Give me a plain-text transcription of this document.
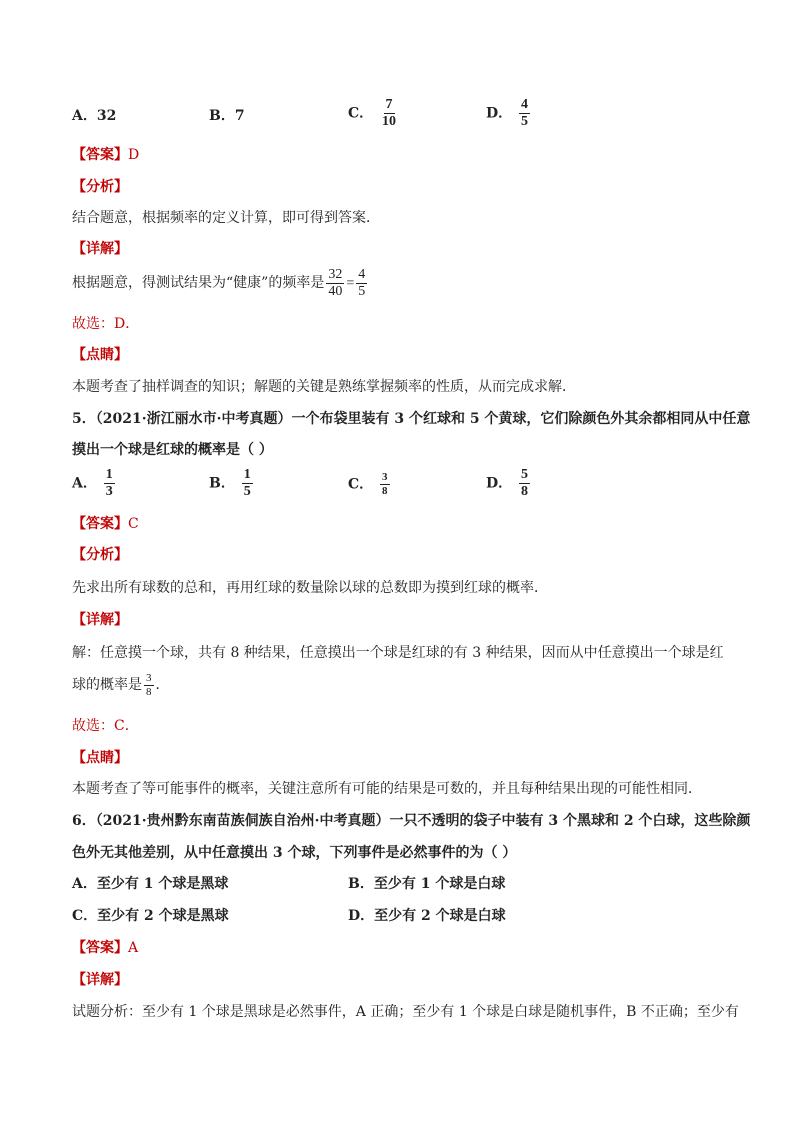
A．32	B．7	C． $\frac{7}{10}$	D． $\frac{4}{5}$
【答案】D
【分析】
结合题意，根据频率的定义计算，即可得到答案．
【详解】
根据题意，得测试结果为“健康”的频率是 $\frac{32}{40} = \frac{4}{5}$
故选：D．
【点睛】
本题考查了抽样调查的知识；解题的关键是熟练掌握频率的性质，从而完成求解．
5．（2021·浙江丽水市·中考真题）一个布袋里装有 3 个红球和 5 个黄球，它们除颜色外其余都相同从中任意
摸出一个球是红球的概率是（ ）
A． $\frac{1}{3}$	B． $\frac{1}{5}$	C． $\frac{3}{8}$	D． $\frac{5}{8}$
【答案】C
【分析】
先求出所有球数的总和，再用红球的数量除以球的总数即为摸到红球的概率．
【详解】
解：任意摸一个球，共有 8 种结果，任意摸出一个球是红球的有 3 种结果，因而从中任意摸出一个球是红
球的概率是 $\frac{3}{8}$ ．
故选：C．
【点睛】
本题考查了等可能事件的概率，关键注意所有可能的结果是可数的，并且每种结果出现的可能性相同．
6．（2021·贵州黔东南苗族侗族自治州·中考真题）一只不透明的袋子中装有 3 个黑球和 2 个白球，这些除颜
色外无其他差别，从中任意摸出 3 个球，下列事件是必然事件的为（ ）
A．至少有 1 个球是黑球	B．至少有 1 个球是白球
C．至少有 2 个球是黑球	D．至少有 2 个球是白球
【答案】A
【详解】
试题分析：至少有 1 个球是黑球是必然事件，A 正确；至少有 1 个球是白球是随机事件，B 不正确；至少有
